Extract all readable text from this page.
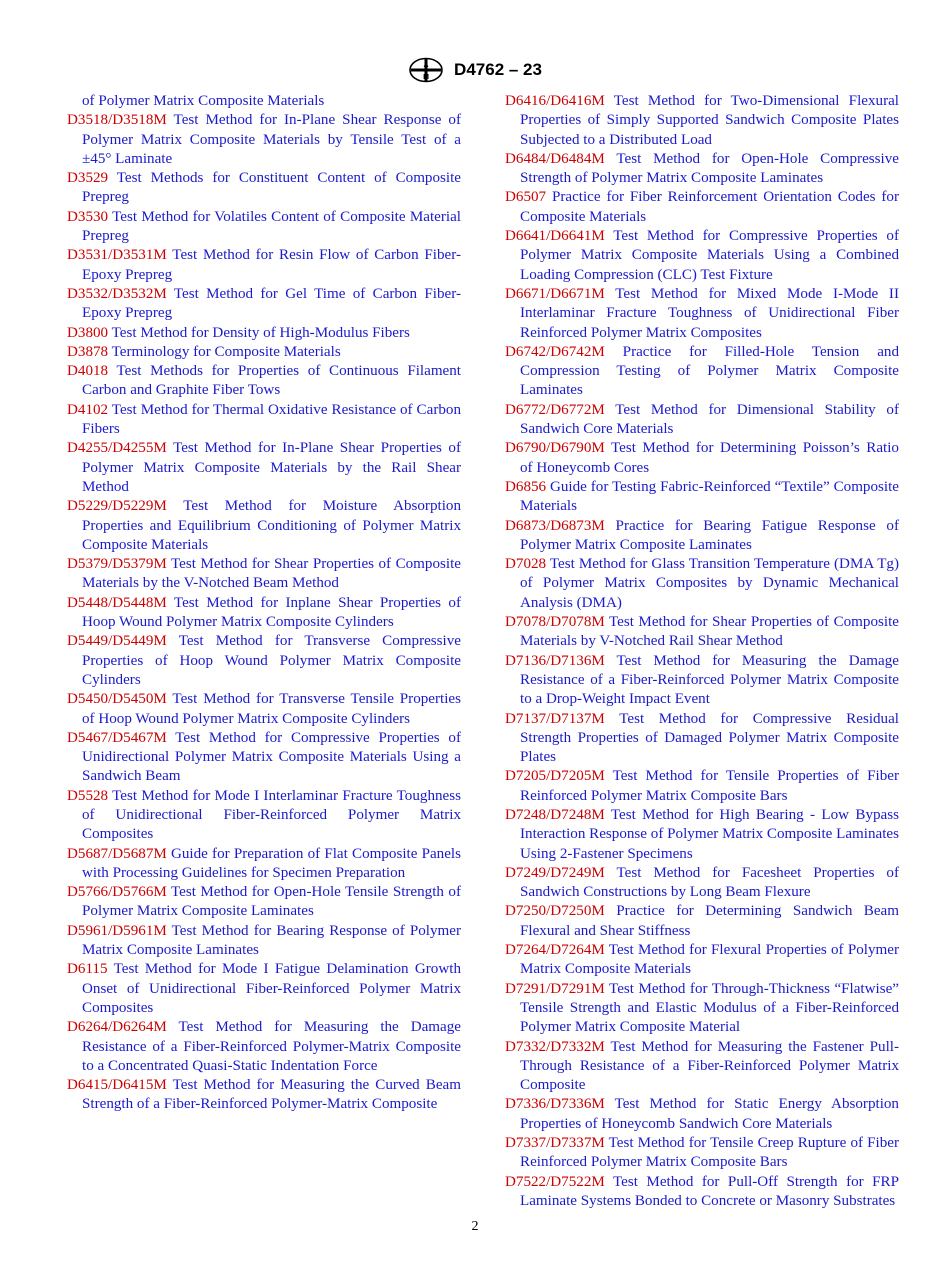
A
M D4762 – 23

of Polymer Matrix Composite Materials

D3518/D3518M Test Method for In-Plane Shear Response of Polymer Matrix Composite Materials by Tensile Test of a ±45° Laminate

D3529 Test Methods for Constituent Content of Composite Prepreg

D3530 Test Method for Volatiles Content of Composite Material Prepreg

D3531/D3531M Test Method for Resin Flow of Carbon Fiber-Epoxy Prepreg

D3532/D3532M Test Method for Gel Time of Carbon Fiber-Epoxy Prepreg

D3800 Test Method for Density of High-Modulus Fibers

D3878 Terminology for Composite Materials

D4018 Test Methods for Properties of Continuous Filament Carbon and Graphite Fiber Tows

D4102 Test Method for Thermal Oxidative Resistance of Carbon Fibers

D4255/D4255M Test Method for In-Plane Shear Properties of Polymer Matrix Composite Materials by the Rail Shear Method

D5229/D5229M Test Method for Moisture Absorption Properties and Equilibrium Conditioning of Polymer Matrix Composite Materials

D5379/D5379M Test Method for Shear Properties of Composite Materials by the V-Notched Beam Method

D5448/D5448M Test Method for Inplane Shear Properties of Hoop Wound Polymer Matrix Composite Cylinders

D5449/D5449M Test Method for Transverse Compressive Properties of Hoop Wound Polymer Matrix Composite Cylinders

D5450/D5450M Test Method for Transverse Tensile Properties of Hoop Wound Polymer Matrix Composite Cylinders

D5467/D5467M Test Method for Compressive Properties of Unidirectional Polymer Matrix Composite Materials Using a Sandwich Beam

D5528 Test Method for Mode I Interlaminar Fracture Toughness of Unidirectional Fiber-Reinforced Polymer Matrix Composites

D5687/D5687M Guide for Preparation of Flat Composite Panels with Processing Guidelines for Specimen Preparation

D5766/D5766M Test Method for Open-Hole Tensile Strength of Polymer Matrix Composite Laminates

D5961/D5961M Test Method for Bearing Response of Polymer Matrix Composite Laminates

D6115 Test Method for Mode I Fatigue Delamination Growth Onset of Unidirectional Fiber-Reinforced Polymer Matrix Composites

D6264/D6264M Test Method for Measuring the Damage Resistance of a Fiber-Reinforced Polymer-Matrix Composite to a Concentrated Quasi-Static Indentation Force

D6415/D6415M Test Method for Measuring the Curved Beam Strength of a Fiber-Reinforced Polymer-Matrix Composite

D6416/D6416M Test Method for Two-Dimensional Flexural Properties of Simply Supported Sandwich Composite Plates Subjected to a Distributed Load

D6484/D6484M Test Method for Open-Hole Compressive Strength of Polymer Matrix Composite Laminates

D6507 Practice for Fiber Reinforcement Orientation Codes for Composite Materials

D6641/D6641M Test Method for Compressive Properties of Polymer Matrix Composite Materials Using a Combined Loading Compression (CLC) Test Fixture

D6671/D6671M Test Method for Mixed Mode I-Mode II Interlaminar Fracture Toughness of Unidirectional Fiber Reinforced Polymer Matrix Composites

D6742/D6742M Practice for Filled-Hole Tension and Compression Testing of Polymer Matrix Composite Laminates

D6772/D6772M Test Method for Dimensional Stability of Sandwich Core Materials

D6790/D6790M Test Method for Determining Poisson’s Ratio of Honeycomb Cores

D6856 Guide for Testing Fabric-Reinforced “Textile” Composite Materials

D6873/D6873M Practice for Bearing Fatigue Response of Polymer Matrix Composite Laminates

D7028 Test Method for Glass Transition Temperature (DMA Tg) of Polymer Matrix Composites by Dynamic Mechanical Analysis (DMA)

D7078/D7078M Test Method for Shear Properties of Composite Materials by V-Notched Rail Shear Method

D7136/D7136M Test Method for Measuring the Damage Resistance of a Fiber-Reinforced Polymer Matrix Composite to a Drop-Weight Impact Event

D7137/D7137M Test Method for Compressive Residual Strength Properties of Damaged Polymer Matrix Composite Plates

D7205/D7205M Test Method for Tensile Properties of Fiber Reinforced Polymer Matrix Composite Bars

D7248/D7248M Test Method for High Bearing - Low Bypass Interaction Response of Polymer Matrix Composite Laminates Using 2-Fastener Specimens

D7249/D7249M Test Method for Facesheet Properties of Sandwich Constructions by Long Beam Flexure

D7250/D7250M Practice for Determining Sandwich Beam Flexural and Shear Stiffness

D7264/D7264M Test Method for Flexural Properties of Polymer Matrix Composite Materials

D7291/D7291M Test Method for Through-Thickness “Flatwise” Tensile Strength and Elastic Modulus of a Fiber-Reinforced Polymer Matrix Composite Material

D7332/D7332M Test Method for Measuring the Fastener Pull-Through Resistance of a Fiber-Reinforced Polymer Matrix Composite

D7336/D7336M Test Method for Static Energy Absorption Properties of Honeycomb Sandwich Core Materials

D7337/D7337M Test Method for Tensile Creep Rupture of Fiber Reinforced Polymer Matrix Composite Bars

D7522/D7522M Test Method for Pull-Off Strength for FRP Laminate Systems Bonded to Concrete or Masonry Substrates

2
